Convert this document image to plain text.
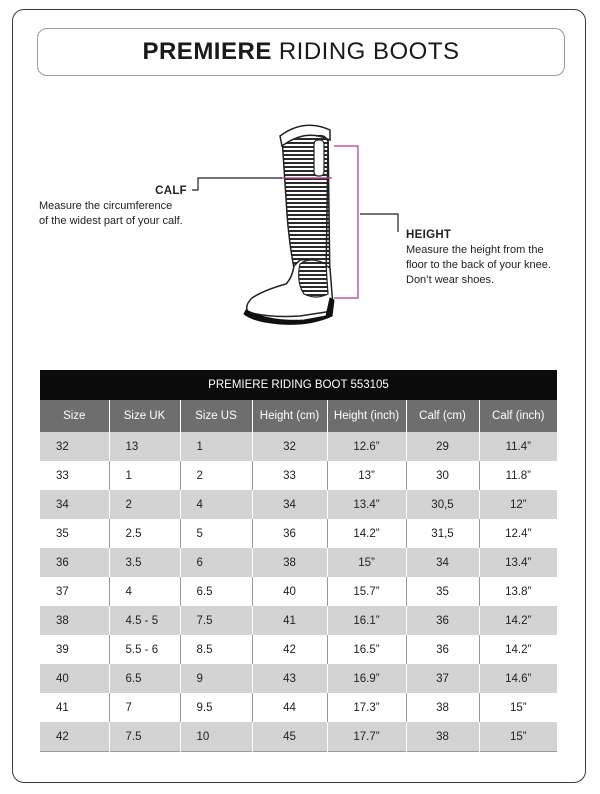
PREMIERE RIDING BOOTS
CALF
Measure the circumference
of the widest part of your calf.
HEIGHT
Measure the height from the
floor to the back of your knee.
Don’t wear shoes.
PREMIERE RIDING BOOT 553105						
Size	Size UK	Size US	Height (cm)	Height (inch)	Calf (cm)	Calf (inch)
32	13	1	32	12.6”	29	11.4”
33	1	2	33	13”	30	11.8”
34	2	4	34	13.4”	30,5	12”
35	2.5	5	36	14.2”	31,5	12.4”
36	3.5	6	38	15”	34	13.4”
37	4	6.5	40	15.7”	35	13.8”
38	4.5 - 5	7.5	41	16.1”	36	14.2”
39	5.5 - 6	8.5	42	16.5”	36	14.2”
40	6.5	9	43	16.9”	37	14.6”
41	7	9.5	44	17.3”	38	15”
42	7.5	10	45	17.7”	38	15”
